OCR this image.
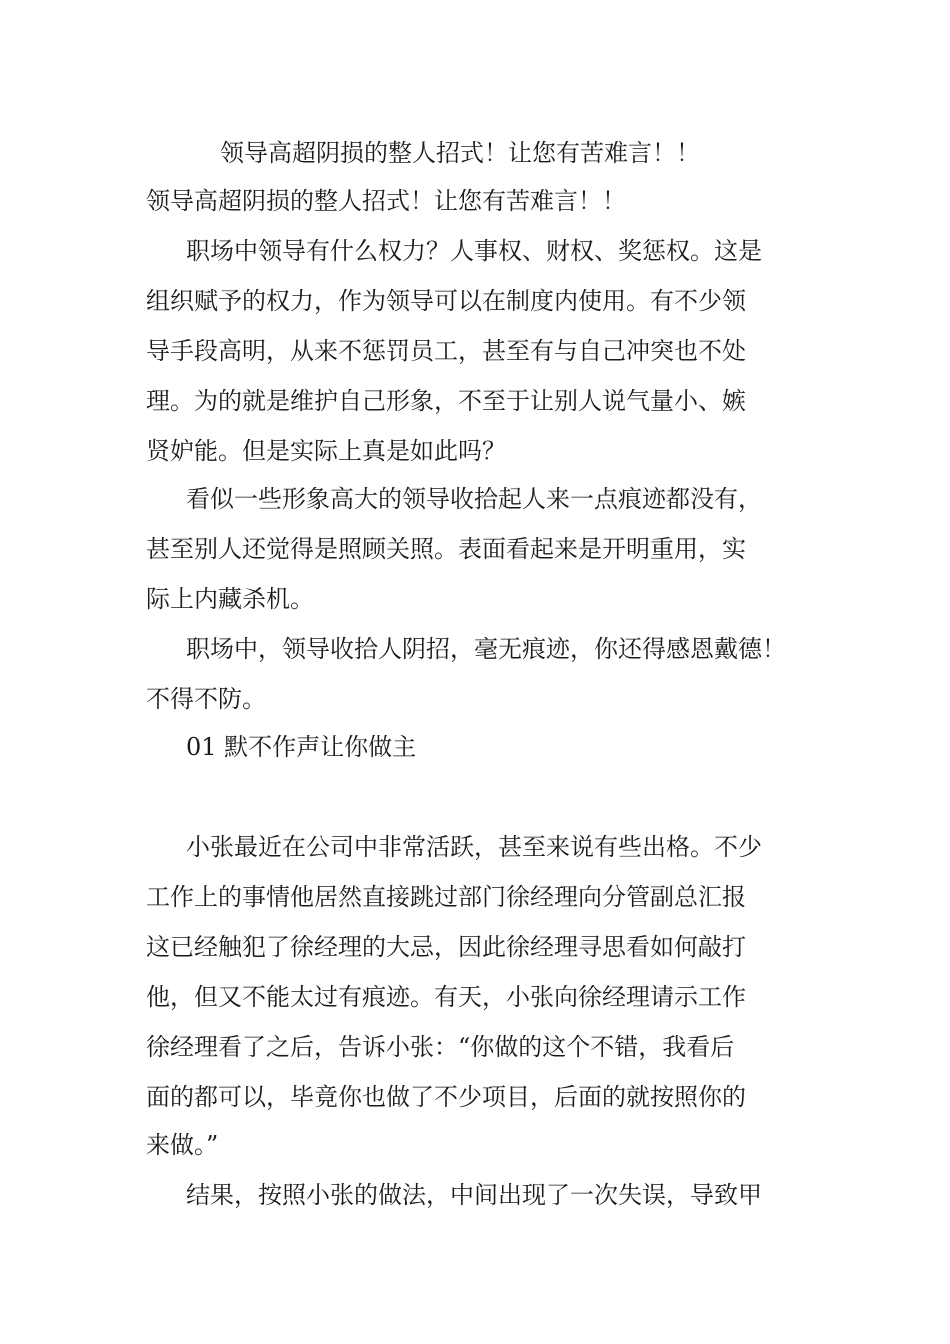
领导高超阴损的整人招式！让您有苦难言！！
领导高超阴损的整人招式！让您有苦难言！！
职场中领导有什么权力？人事权、财权、奖惩权。这是
组织赋予的权力，作为领导可以在制度内使用。有不少领
导手段高明，从来不惩罚员工，甚至有与自己冲突也不处
理。为的就是维护自己形象，不至于让别人说气量小、嫉
贤妒能。但是实际上真是如此吗？
看似一些形象高大的领导收拾起人来一点痕迹都没有，
甚至别人还觉得是照顾关照。表面看起来是开明重用，实
际上内藏杀机。
职场中，领导收拾人阴招，毫无痕迹，你还得感恩戴德！
不得不防。
01 默不作声让你做主
小张最近在公司中非常活跃，甚至来说有些出格。不少
工作上的事情他居然直接跳过部门徐经理向分管副总汇报
这已经触犯了徐经理的大忌，因此徐经理寻思看如何敲打
他，但又不能太过有痕迹。有天，小张向徐经理请示工作
徐经理看了之后，告诉小张：“你做的这个不错，我看后
面的都可以，毕竟你也做了不少项目，后面的就按照你的
来做。”
结果，按照小张的做法，中间出现了一次失误，导致甲
